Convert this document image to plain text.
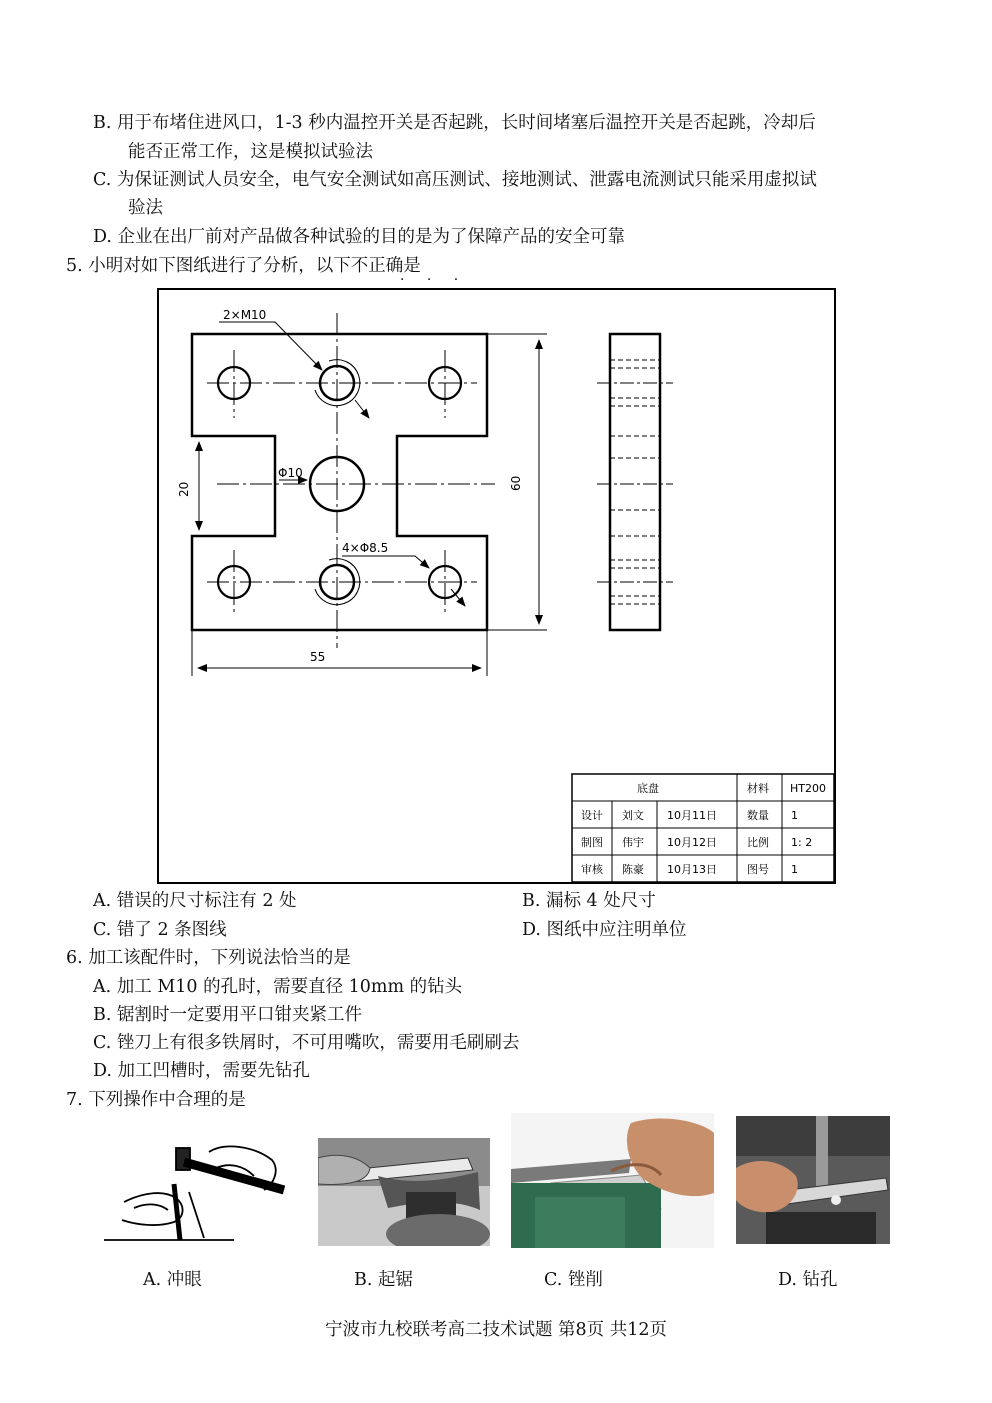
B. 用于布堵住进风口，1-3 秒内温控开关是否起跳，长时间堵塞后温控开关是否起跳，冷却后
能否正常工作，这是模拟试验法
C. 为保证测试人员安全，电气安全测试如高压测试、接地测试、泄露电流测试只能采用虚拟试
验法
D. 企业在出厂前对产品做各种试验的目的是为了保障产品的安全可靠
5. 小明对如下图纸进行了分析，以下不正确是
· · ·
2×M10
Φ10
4×Φ8.5
20	60
55
底盘	材料 HT200
设计 刘文 10月11日	数量 1
制图 伟宇 10月12日	比例 1: 2
审核 陈豪 10月13日	图号 1
A. 错误的尺寸标注有 2 处	B. 漏标 4 处尺寸
C. 错了 2 条图线	D. 图纸中应注明单位
6. 加工该配件时，下列说法恰当的是
A. 加工 M10 的孔时，需要直径 10mm 的钻头
B. 锯割时一定要用平口钳夹紧工件
C. 锉刀上有很多铁屑时，不可用嘴吹，需要用毛刷刷去
D. 加工凹槽时，需要先钻孔
7. 下列操作中合理的是
A. 冲眼	B. 起锯	C. 锉削	D. 钻孔
宁波市九校联考高二技术试题 第8页 共12页
